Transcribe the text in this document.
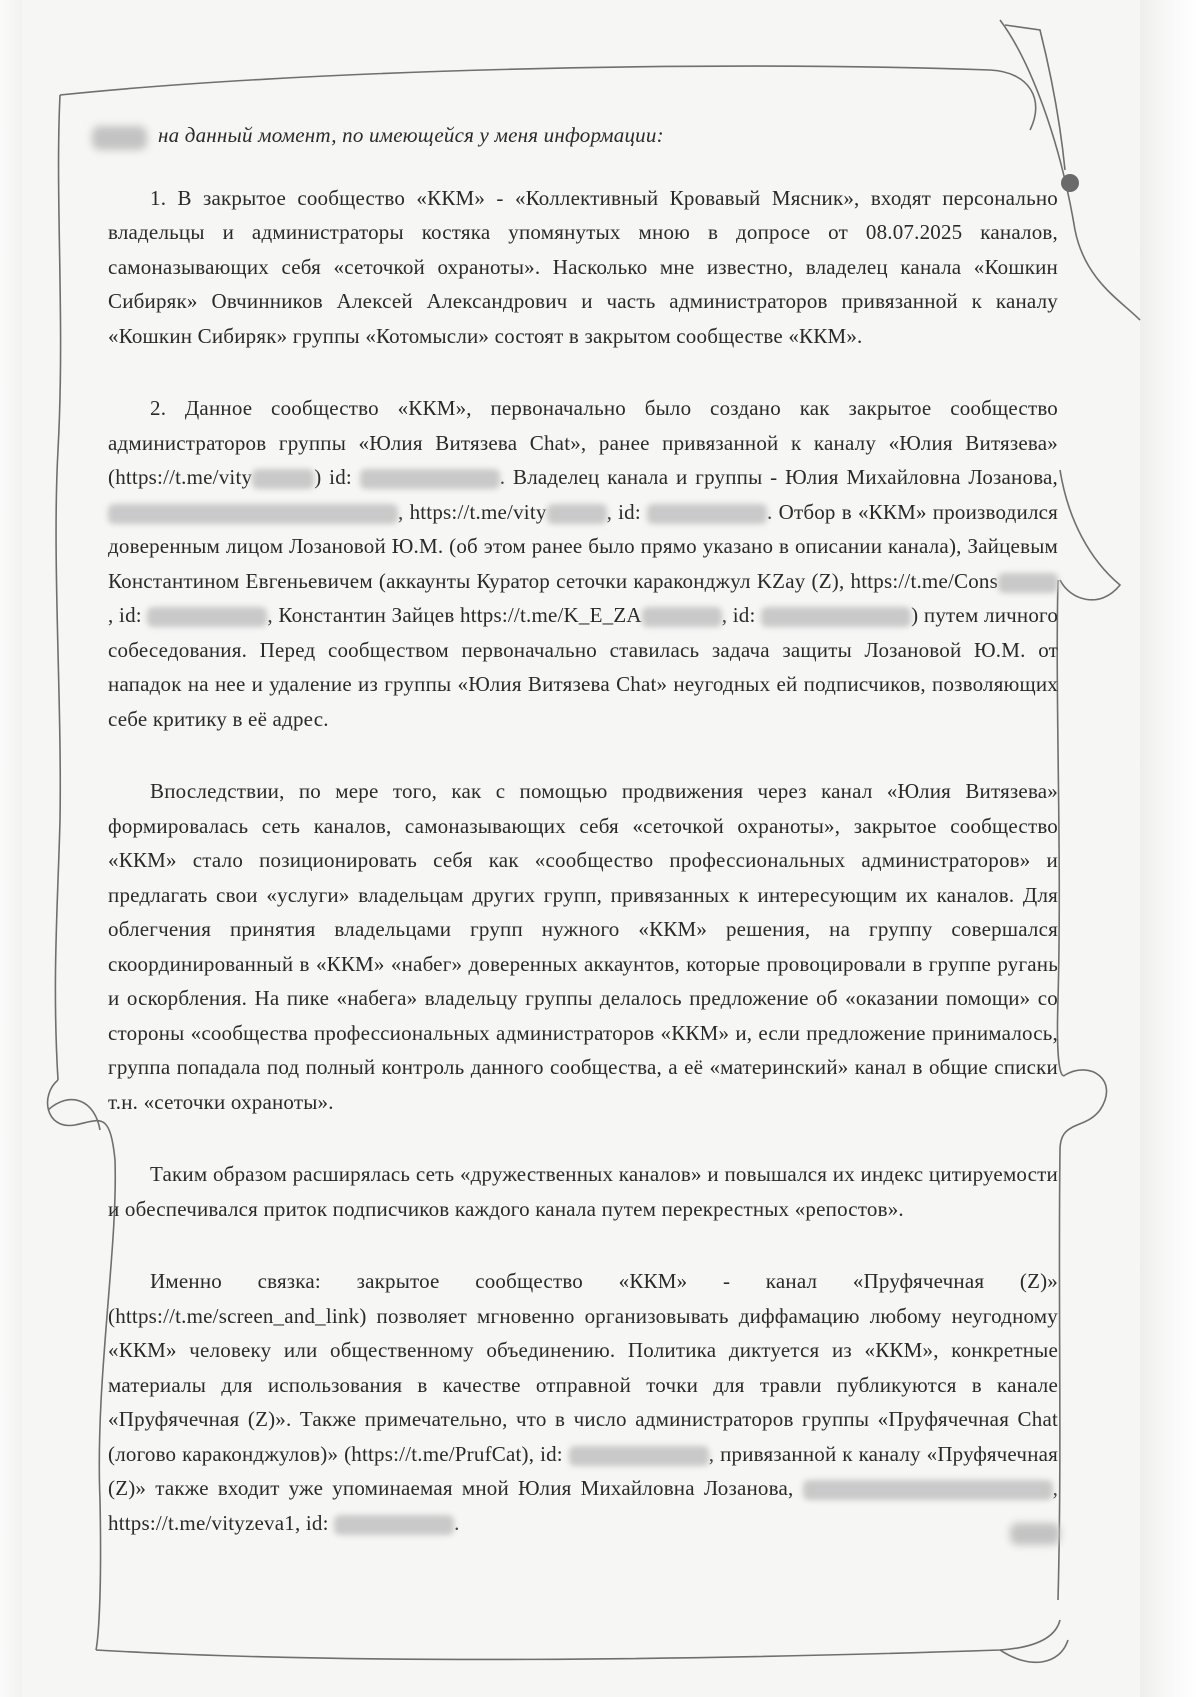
на данный момент, по имеющейся у меня информации:

1. В закрытое сообщество «ККМ» - «Коллективный Кровавый Мясник», входят персонально владельцы и администраторы костяка упомянутых мною в допросе от 08.07.2025 каналов, самоназывающих себя «сеточкой охраноты». Насколько мне известно, владелец канала «Кошкин Сибиряк» Овчинников Алексей Александрович и часть администраторов привязанной к каналу «Кошкин Сибиряк» группы «Котомысли» состоят в закрытом сообществе «ККМ».

2. Данное сообщество «ККМ», первоначально было создано как закрытое сообщество администраторов группы «Юлия Витязева Chat», ранее привязанной к каналу «Юлия Витязева» (https://t.me/vity	) id:	. Владелец канала и группы - Юлия Михайловна Лозанова, , https://t.me/vity	, id:	. Отбор в «ККМ» производился доверенным лицом Лозановой Ю.М. (об этом ранее было прямо указано в описании канала), Зайцевым Константином Евгеньевичем (аккаунты Куратор сеточки караконджул KZay (Z), https://t.me/Cons, id:	, Константин Зайцев https://t.me/K_E_ZA	, id:	) путем личного собеседования. Перед сообществом первоначально ставилась задача защиты Лозановой Ю.М. от нападок на нее и удаление из группы «Юлия Витязева Chat» неугодных ей подписчиков, позволяющих себе критику в её адрес.

Впоследствии, по мере того, как с помощью продвижения через канал «Юлия Витязева» формировалась сеть каналов, самоназывающих себя «сеточкой охраноты», закрытое сообщество «ККМ» стало позиционировать себя как «сообщество профессиональных администраторов» и предлагать свои «услуги» владельцам других групп, привязанных к интересующим их каналов. Для облегчения принятия владельцами групп нужного «ККМ» решения, на группу совершался скоординированный в «ККМ» «набег» доверенных аккаунтов, которые провоцировали в группе ругань и оскорбления. На пике «набега» владельцу группы делалось предложение об «оказании помощи» со стороны «сообщества профессиональных администраторов «ККМ» и, если предложение принималось, группа попадала под полный контроль данного сообщества, а её «материнский» канал в общие списки т.н. «сеточки охраноты».

Таким образом расширялась сеть «дружественных каналов» и повышался их индекс цитируемости и обеспечивался приток подписчиков каждого канала путем перекрестных «репостов».

Именно связка: закрытое сообщество «ККМ» - канал «Пруфячечная (Z)» (https://t.me/screen_and_link) позволяет мгновенно организовывать диффамацию любому неугодному «ККМ» человеку или общественному объединению. Политика диктуется из «ККМ», конкретные материалы для использования в качестве отправной точки для травли публикуются в канале «Пруфячечная (Z)». Также примечательно, что в число администраторов группы «Пруфячечная Chat (логово караконджулов)» (https://t.me/PrufCat), id:	, привязанной к каналу «Пруфячечная (Z)» также входит уже упоминаемая мной Юлия Михайловна Лозанова,	, https://t.me/vityzeva1, id:	.
